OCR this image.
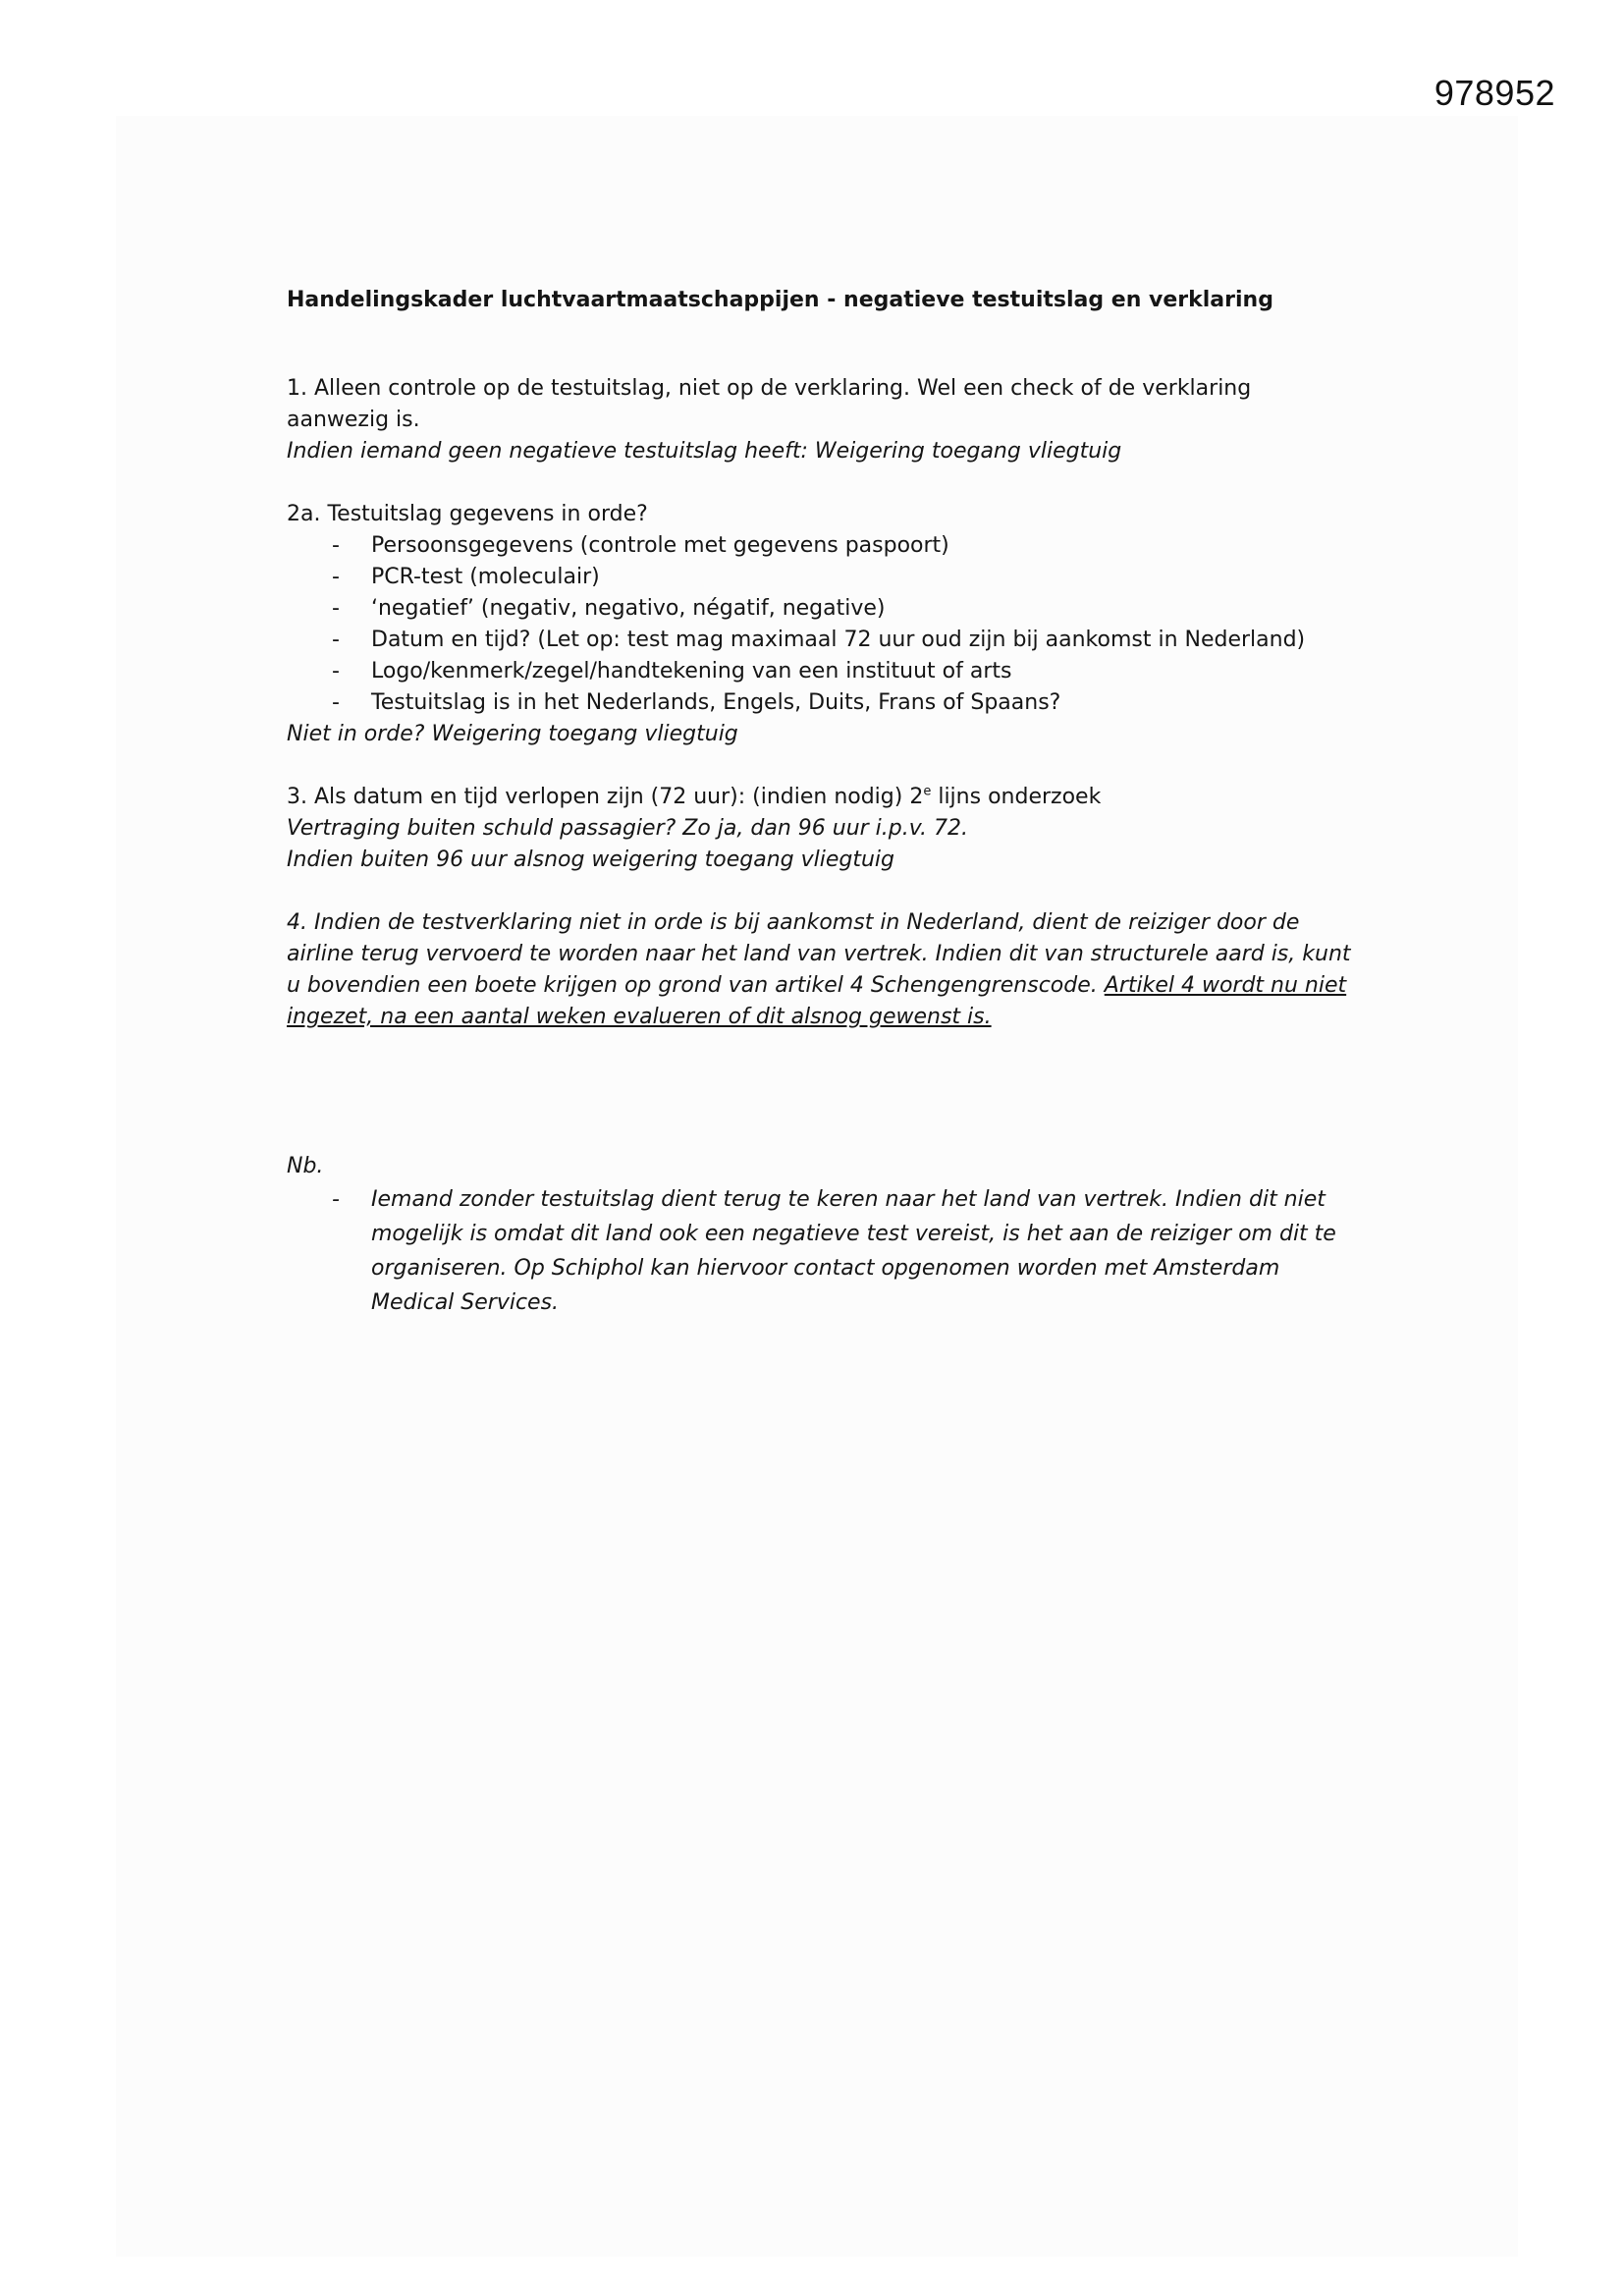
978952
Handelingskader luchtvaartmaatschappijen - negatieve testuitslag en verklaring

1. Alleen controle op de testuitslag, niet op de verklaring. Wel een check of de verklaring aanwezig is.

Indien iemand geen negatieve testuitslag heeft: Weigering toegang vliegtuig

2a. Testuitslag gegevens in orde?

- Persoonsgegevens (controle met gegevens paspoort)
- PCR-test (moleculair)
- ‘negatief’ (negativ, negativo, négatif, negative)
- Datum en tijd? (Let op: test mag maximaal 72 uur oud zijn bij aankomst in Nederland)
- Logo/kenmerk/zegel/handtekening van een instituut of arts
- Testuitslag is in het Nederlands, Engels, Duits, Frans of Spaans?

Niet in orde? Weigering toegang vliegtuig

3. Als datum en tijd verlopen zijn (72 uur): (indien nodig) 2e lijns onderzoek

Vertraging buiten schuld passagier? Zo ja, dan 96 uur i.p.v. 72.

Indien buiten 96 uur alsnog weigering toegang vliegtuig

4. Indien de testverklaring niet in orde is bij aankomst in Nederland, dient de reiziger door de airline terug vervoerd te worden naar het land van vertrek. Indien dit van structurele aard is, kunt u bovendien een boete krijgen op grond van artikel 4 Schengengrenscode. Artikel 4 wordt nu niet ingezet, na een aantal weken evalueren of dit alsnog gewenst is.

Nb.

- Iemand zonder testuitslag dient terug te keren naar het land van vertrek. Indien dit niet mogelijk is omdat dit land ook een negatieve test vereist, is het aan de reiziger om dit te organiseren. Op Schiphol kan hiervoor contact opgenomen worden met Amsterdam Medical Services.
